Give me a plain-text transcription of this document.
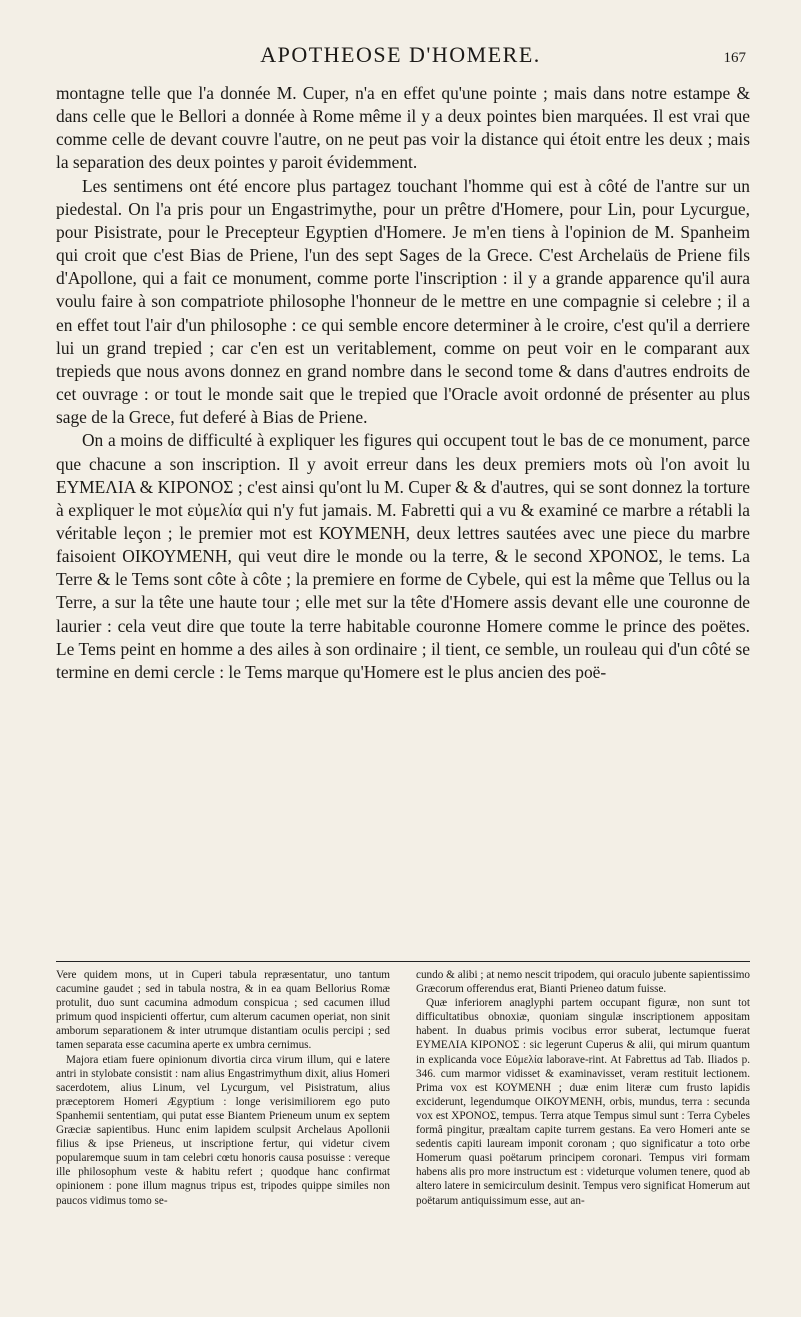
APOTHEOSE D'HOMERE.	167

montagne telle que l'a donnée M. Cuper, n'a en effet qu'une pointe ; mais dans notre estampe & dans celle que le Bellori a donnée à Rome même il y a deux pointes bien marquées. Il est vrai que comme celle de devant couvre l'autre, on ne peut pas voir la distance qui étoit entre les deux ; mais la separation des deux pointes y paroit évidemment.

Les sentimens ont été encore plus partagez touchant l'homme qui est à côté de l'antre sur un piedestal. On l'a pris pour un Engastrimythe, pour un prêtre d'Homere, pour Lin, pour Lycurgue, pour Pisistrate, pour le Precepteur Egyptien d'Homere. Je m'en tiens à l'opinion de M. Spanheim qui croit que c'est Bias de Priene, l'un des sept Sages de la Grece. C'est Archelaüs de Priene fils d'Apollone, qui a fait ce monument, comme porte l'inscription : il y a grande apparence qu'il aura voulu faire à son compatriote philosophe l'honneur de le mettre en une compagnie si celebre ; il a en effet tout l'air d'un philosophe : ce qui semble encore determiner à le croire, c'est qu'il a derriere lui un grand trepied ; car c'en est un veritablement, comme on peut voir en le comparant aux trepieds que nous avons donnez en grand nombre dans le second tome & dans d'autres endroits de cet ouvrage : or tout le monde sait que le trepied que l'Oracle avoit ordonné de présenter au plus sage de la Grece, fut deferé à Bias de Priene.

On a moins de difficulté à expliquer les figures qui occupent tout le bas de ce monument, parce que chacune a son inscription. Il y avoit erreur dans les deux premiers mots où l'on avoit lu ΕΥΜΕΛΙΑ & ΚΙΡΟΝΟΣ ; c'est ainsi qu'ont lu M. Cuper & & d'autres, qui se sont donnez la torture à expliquer le mot εὐμελία qui n'y fut jamais. M. Fabretti qui a vu & examiné ce marbre a rétabli la véritable leçon ; le premier mot est ΚΟΥΜΕΝΗ, deux lettres sautées avec une piece du marbre faisoient ΟΙΚΟΥΜΕΝΗ, qui veut dire le monde ou la terre, & le second ΧΡΟΝΟΣ, le tems. La Terre & le Tems sont côte à côte ; la premiere en forme de Cybele, qui est la même que Tellus ou la Terre, a sur la tête une haute tour ; elle met sur la tête d'Homere assis devant elle une couronne de laurier : cela veut dire que toute la terre habitable couronne Homere comme le prince des poëtes. Le Tems peint en homme a des ailes à son ordinaire ; il tient, ce semble, un rouleau qui d'un côté se termine en demi cercle : le Tems marque qu'Homere est le plus ancien des poë-

Vere quidem mons, ut in Cuperi tabula repræsentatur, uno tantum cacumine gaudet ; sed in tabula nostra, & in ea quam Bellorius Romæ protulit, duo sunt cacumina admodum conspicua ; sed cacumen illud primum quod inspicienti offertur, cum alterum cacumen operiat, non sinit amborum separationem & inter utrumque distantiam oculis percipi ; sed tamen separata esse cacumina aperte ex umbra cernimus.

Majora etiam fuere opinionum divortia circa virum illum, qui e latere antri in stylobate consistit : nam alius Engastrimythum dixit, alius Homeri sacerdotem, alius Linum, vel Lycurgum, vel Pisistratum, alius præceptorem Homeri Ægyptium : longe verisimiliorem ego puto Spanhemii sententiam, qui putat esse Biantem Prieneum unum ex septem Græciæ sapientibus. Hunc enim lapidem sculpsit Archelaus Apollonii filius & ipse Prieneus, ut inscriptione fertur, qui videtur civem popularemque suum in tam celebri cœtu honoris causa posuisse : vereque ille philosophum veste & habitu refert ; quodque hanc confirmat opinionem : pone illum magnus tripus est, tripodes quippe similes non paucos vidimus tomo se-

cundo & alibi ; at nemo nescit tripodem, qui oraculo jubente sapientissimo Græcorum offerendus erat, Bianti Prieneo datum fuisse.

Quæ inferiorem anaglyphi partem occupant figuræ, non sunt tot difficultatibus obnoxiæ, quoniam singulæ inscriptionem appositam habent. In duabus primis vocibus error suberat, lectumque fuerat ΕΥΜΕΛΙΑ ΚΙΡΟΝΟΣ : sic legerunt Cuperus & alii, qui mirum quantum in explicanda voce Εὐμελία laborave-rint. At Fabrettus ad Tab. Iliados p. 346. cum marmor vidisset & examinavisset, veram restituit lectionem. Prima vox est ΚΟΥΜΕΝΗ ; duæ enim literæ cum frusto lapidis exciderunt, legendumque ΟΙΚΟΥΜΕΝΗ, orbis, mundus, terra : secunda vox est ΧΡΟΝΟΣ, tempus. Terra atque Tempus simul sunt : Terra Cybeles formâ pingitur, præaltam capite turrem gestans. Ea vero Homeri ante se sedentis capiti lauream imponit coronam ; quo significatur a toto orbe Homerum quasi poëtarum principem coronari. Tempus viri formam habens alis pro more instructum est : videturque volumen tenere, quod ab altero latere in semicirculum desinit. Tempus vero significat Homerum aut poëtarum antiquissimum esse, aut an-
